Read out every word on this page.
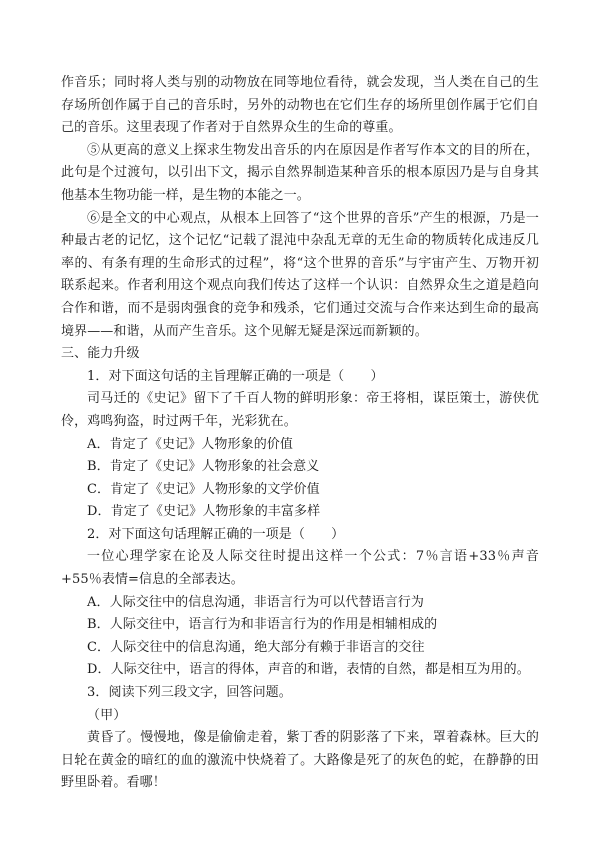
作音乐；同时将人类与别的动物放在同等地位看待，就会发现，当人类在自己的生存场所创作属于自己的音乐时，另外的动物也在它们生存的场所里创作属于它们自己的音乐。这里表现了作者对于自然界众生的生命的尊重。

⑤从更高的意义上探求生物发出音乐的内在原因是作者写作本文的目的所在，此句是个过渡句，以引出下文，揭示自然界制造某种音乐的根本原因乃是与自身其他基本生物功能一样，是生物的本能之一。

⑥是全文的中心观点，从根本上回答了“这个世界的音乐”产生的根源，乃是一种最古老的记忆，这个记忆“记载了混沌中杂乱无章的无生命的物质转化成违反几率的、有条有理的生命形式的过程”，将“这个世界的音乐”与宇宙产生、万物开初联系起来。作者利用这个观点向我们传达了这样一个认识：自然界众生之道是趋向合作和谐，而不是弱肉强食的竞争和残杀，它们通过交流与合作来达到生命的最高境界——和谐，从而产生音乐。这个见解无疑是深远而新颖的。

三、能力升级

1．对下面这句话的主旨理解正确的一项是（　　）

司马迁的《史记》留下了千百人物的鲜明形象：帝王将相，谋臣策士，游侠优伶，鸡鸣狗盗，时过两千年，光彩犹在。

A．肯定了《史记》人物形象的价值

B．肯定了《史记》人物形象的社会意义

C．肯定了《史记》人物形象的文学价值

D．肯定了《史记》人物形象的丰富多样

2．对下面这句话理解正确的一项是（　　）

一位心理学家在论及人际交往时提出这样一个公式：7％言语+33％声音+55％表情=信息的全部表达。

A．人际交往中的信息沟通，非语言行为可以代替语言行为

B．人际交往中，语言行为和非语言行为的作用是相辅相成的

C．人际交往中的信息沟通，绝大部分有赖于非语言的交往

D．人际交往中，语言的得体，声音的和谐，表情的自然，都是相互为用的。

3．阅读下列三段文字，回答问题。

（甲）

黄昏了。慢慢地，像是偷偷走着，紫丁香的阴影落了下来，罩着森林。巨大的日轮在黄金的暗红的血的激流中快烧着了。大路像是死了的灰色的蛇，在静静的田野里卧着。看哪！
